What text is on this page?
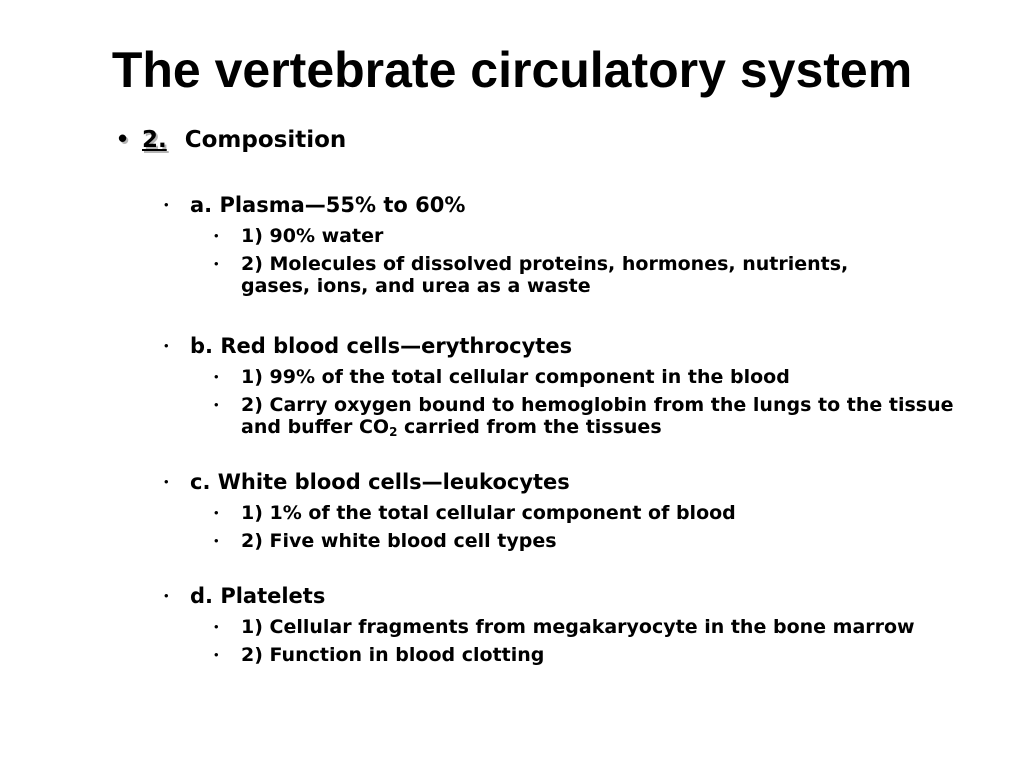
The vertebrate circulatory system
• 2. Composition
• a. Plasma—55% to 60%
• 1) 90% water
• 2) Molecules of dissolved proteins, hormones, nutrients, gases, ions, and urea as a waste
• b. Red blood cells—erythrocytes
• 1) 99% of the total cellular component in the blood
• 2) Carry oxygen bound to hemoglobin from the lungs to the tissue and buffer $CO_2$ carried from the tissues
• c. White blood cells—leukocytes
• 1) 1% of the total cellular component of blood
• 2) Five white blood cell types
• d. Platelets
• 1) Cellular fragments from megakaryocyte in the bone marrow
• 2) Function in blood clotting
